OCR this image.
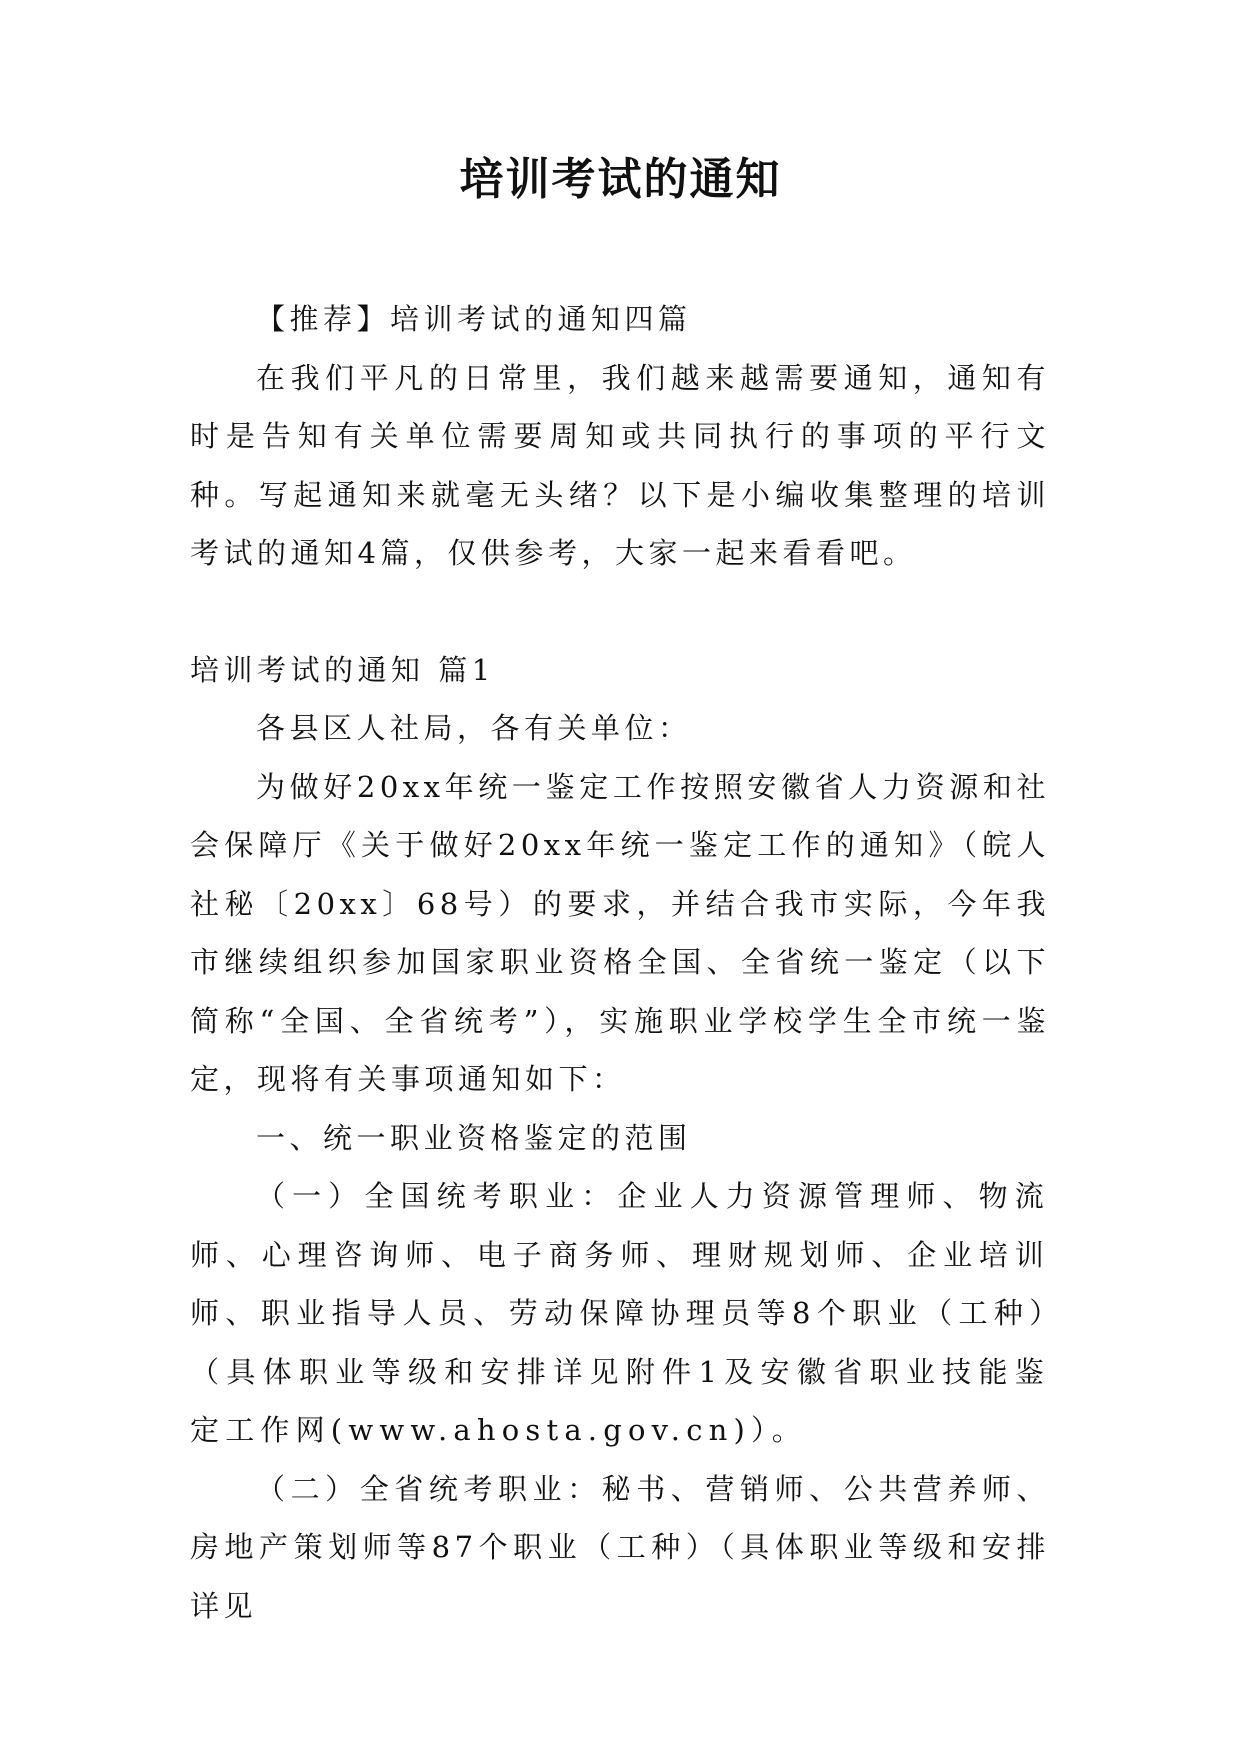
培训考试的通知

【推荐】培训考试的通知四篇

在我们平凡的日常里，我们越来越需要通知，通知有时是告知有关单位需要周知或共同执行的事项的平行文种。写起通知来就毫无头绪？以下是小编收集整理的培训考试的通知4篇，仅供参考，大家一起来看看吧。

培训考试的通知 篇1

各县区人社局，各有关单位：

为做好20xx年统一鉴定工作按照安徽省人力资源和社会保障厅《关于做好20xx年统一鉴定工作的通知》（皖人社秘〔20xx〕68号）的要求，并结合我市实际，今年我市继续组织参加国家职业资格全国、全省统一鉴定（以下简称“全国、全省统考”），实施职业学校学生全市统一鉴定，现将有关事项通知如下：

一、统一职业资格鉴定的范围

（一）全国统考职业：企业人力资源管理师、物流师、心理咨询师、电子商务师、理财规划师、企业培训师、职业指导人员、劳动保障协理员等8个职业（工种）（具体职业等级和安排详见附件1及安徽省职业技能鉴定工作网(www.ahosta.gov.cn)）。

（二）全省统考职业：秘书、营销师、公共营养师、房地产策划师等87个职业（工种）（具体职业等级和安排详见
